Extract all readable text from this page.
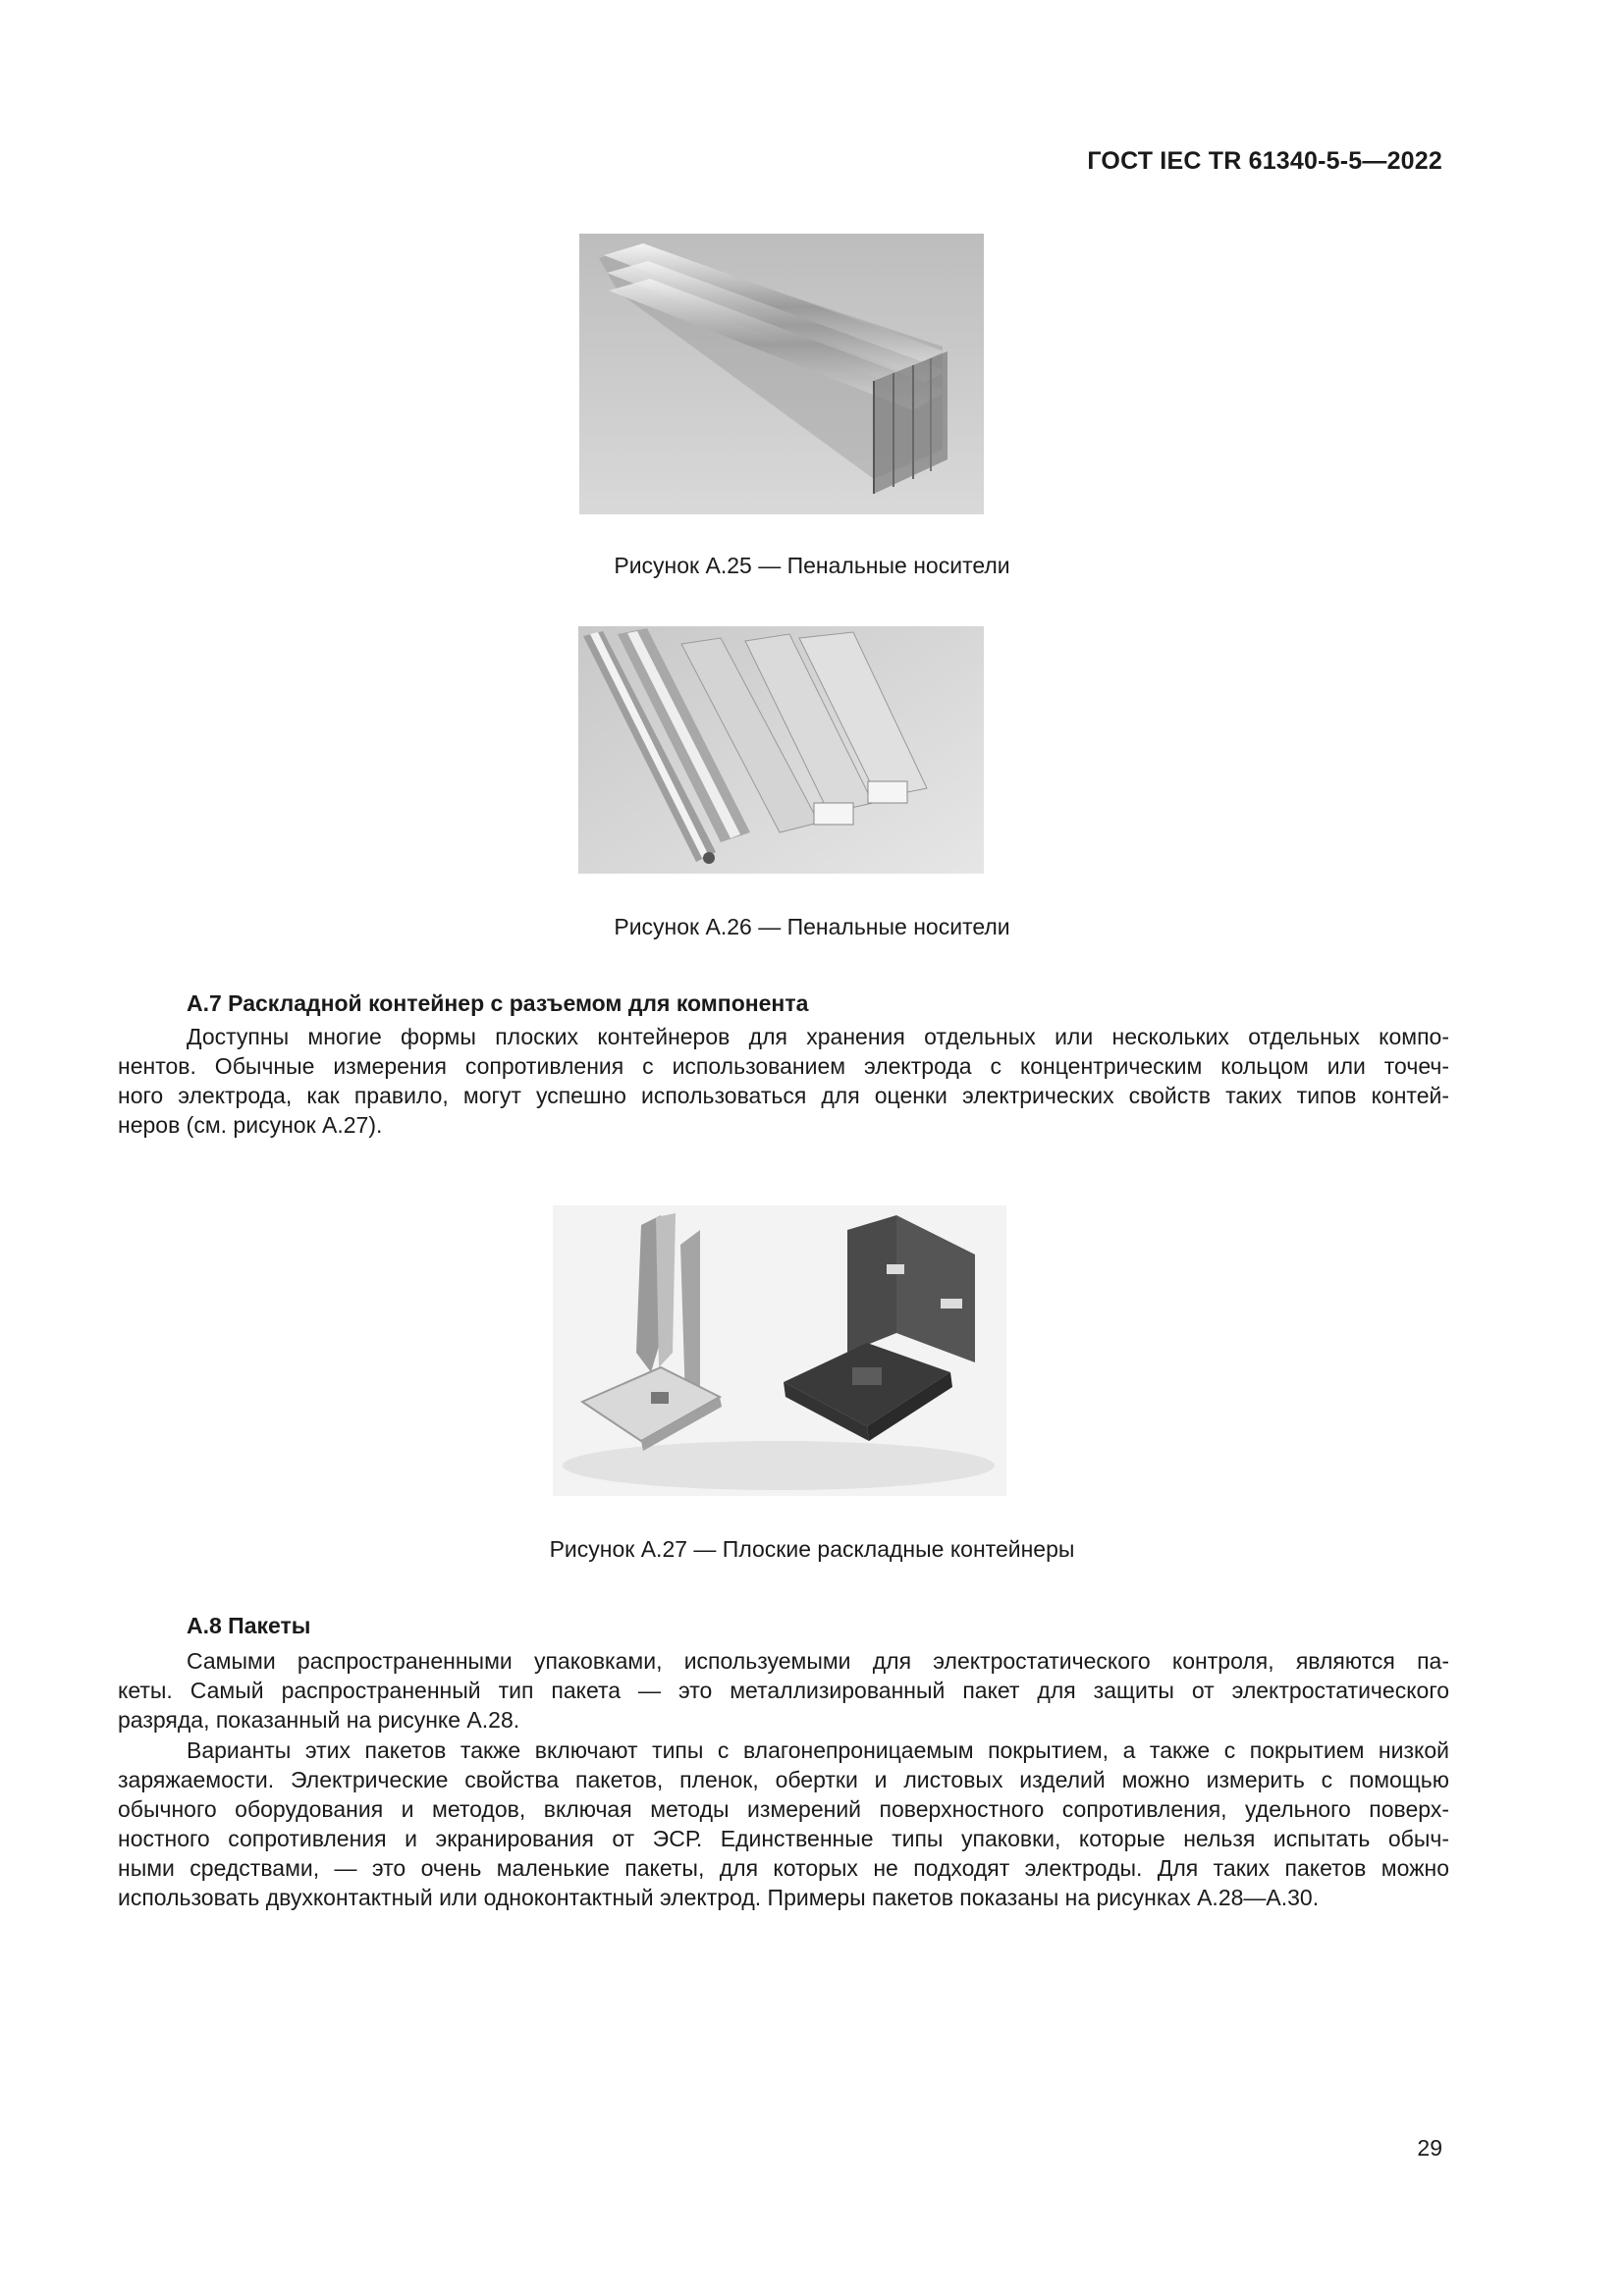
ГОСТ IEC TR 61340-5-5—2022
Рисунок А.25 — Пенальные носители
Рисунок А.26 — Пенальные носители
А.7 Раскладной контейнер с разъемом для компонента
Доступны многие формы плоских контейнеров для хранения отдельных или нескольких отдельных компо-
нентов. Обычные измерения сопротивления с использованием электрода с концентрическим кольцом или точеч-
ного электрода, как правило, могут успешно использоваться для оценки электрических свойств таких типов контей-
неров (см. рисунок А.27).
Рисунок А.27 — Плоские раскладные контейнеры
А.8 Пакеты
Самыми распространенными упаковками, используемыми для электростатического контроля, являются па-
кеты. Самый распространенный тип пакета — это металлизированный пакет для защиты от электростатического
разряда, показанный на рисунке А.28.
Варианты этих пакетов также включают типы с влагонепроницаемым покрытием, а также с покрытием низкой
заряжаемости. Электрические свойства пакетов, пленок, обертки и листовых изделий можно измерить с помощью
обычного оборудования и методов, включая методы измерений поверхностного сопротивления, удельного поверх-
ностного сопротивления и экранирования от ЭСР. Единственные типы упаковки, которые нельзя испытать обыч-
ными средствами, — это очень маленькие пакеты, для которых не подходят электроды. Для таких пакетов можно
использовать двухконтактный или одноконтактный электрод. Примеры пакетов показаны на рисунках А.28—А.30.
29
